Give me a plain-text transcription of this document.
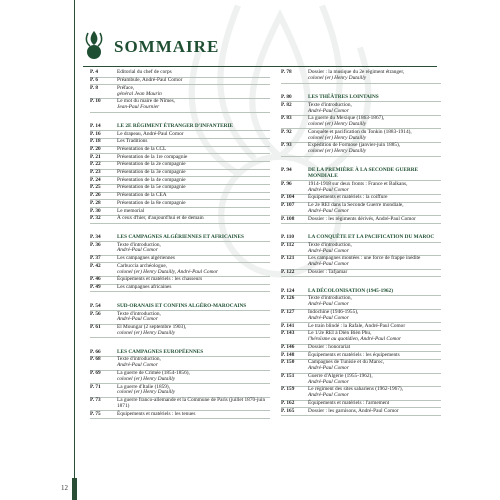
12
SOMMAIRE
P. 4	Editorial du chef de corps
P. 6	Préambule, André-Paul Comor
P. 8	Préface,
général Jean Maurin
P. 10	Le mot du maire de Nîmes,
Jean-Paul Fournier
P. 14	LE 2E RÉGIMENT ÉTRANGER D'INFANTERIE
P. 16	Le drapeau, André-Paul Comor
P. 18	Les Traditions
P. 20	Présentation de la CCL
P. 21	Présentation de la 1re compagnie
P. 22	Présentation de la 2e compagnie
P. 23	Présentation de la 3e compagnie
P. 24	Présentation de la 4e compagnie
P. 25	Présentation de la 5e compagnie
P. 26	Présentation de la CEA
P. 28	Présentation de la 8e compagnie
P. 30	Le memorial
P. 32	À ceux d'hier, d'aujourd'hui et de demain
P. 34	LES CAMPAGNES ALGÉRIENNES ET AFRICAINES
P. 36	Texte d'introduction,
André-Paul Comor
P. 37	Les campagnes algériennes
P. 42	Carbuccia archéologue,
colonel (er) Henry Dutailly, André-Paul Comor
P. 46	Équipements et matériels : les chasseurs
P. 49	Les campagnes africaines
P. 54	SUD-ORANAIS ET CONFINS ALGÉRO-MAROCAINS
P. 56	Texte d'introduction,
André-Paul Comor
P. 61	El Moungar (2 septembre 1903),
colonel (er) Henry Dutailly
P. 66	LES CAMPAGNES EUROPÉENNES
P. 68	Texte d'introduction,
André-Paul Comor
P. 69	La guerre de Crimée (1854-1856),
colonel (er) Henry Dutailly
P. 71	La guerre d'Italie (1859),
colonel (er) Henry Dutailly
P. 73	La guerre franco-allemande et la Commune de Paris (juillet 1870-juin 1871)
P. 75	Équipements et matériels : les tenues
P. 78	Dossier : la musique du 2e régiment étranger,
colonel (er) Henry Dutailly
P. 80	LES THÉÂTRES LOINTAINS
P. 82	Texte d'introduction,
André-Paul Comor
P. 83	La guerre du Mexique (1863-1867),
colonel (er) Henry Dutailly
P. 92	Conquête et pacification du Tonkin (1883-1914),
colonel (er) Henry Dutailly
P. 93	Expédition de Formose (janvier-juin 1885),
colonel (er) Henry Dutailly
P. 94	DE LA PREMIÈRE À LA SECONDE GUERRE MONDIALE
P. 96	1914-1918 sur deux fronts : France et Balkans,
André-Paul Comor
P. 104	Équipements et matériels : la coiffure
P. 107	Le 2e REI dans la Seconde Guerre mondiale,
André-Paul Comor
P. 108	Dossier : les régiments dérivés, André-Paul Comor
P. 110	LA CONQUÊTE ET LA PACIFICATION DU MAROC
P. 112	Texte d'introduction,
André-Paul Comor
P. 121	Les campagnes montées : une force de frappe inédite
André-Paul Comor
P. 122	Dossier : Tafjamar
P. 124	LA DÉCOLONISATION (1945-1962)
P. 126	Texte d'introduction,
André-Paul Comor
P. 127	Indochine (1946-1955),
André-Paul Comor
P. 141	Le train blindé : la Rafale, André-Paul Comor
P. 143	Le 1/2e REI à Dièn Bièn Phu,
l'héroïsme au quotidien, André-Paul Comor
P. 146	Dossier : honorariat
P. 148	Équipements et matériels : les équipements
P. 150	Campagnes de Tunisie et du Maroc,
André-Paul Comor
P. 151	Guerre d'Algérie (1955-1962),
André-Paul Comor
P. 159	Le régiment des sites sahariens (1962-1967),
André-Paul Comor
P. 162	Équipements et matériels : l'armement
P. 165	Dossier : les garnisons, André-Paul Comor
